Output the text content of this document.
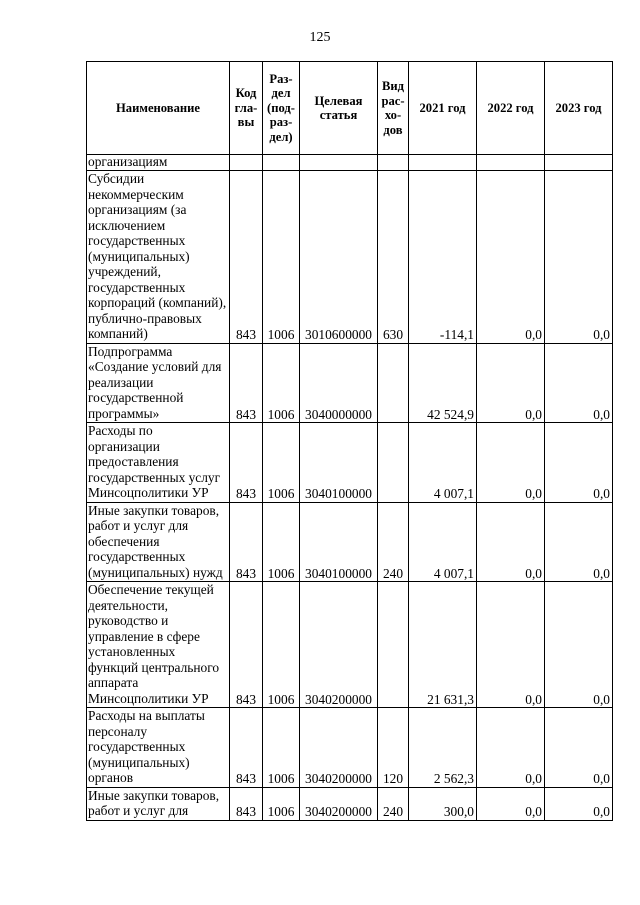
125
Наименование	Код гла- вы	Раз- дел (под- раз- дел)	Целевая статья	Вид рас- хо- дов	2021 год	2022 год	2023 год
организациям							
Субсидии некоммерческим организациям (за исключением государственных (муниципальных) учреждений, государственных корпораций (компаний), публично-правовых компаний)	843	1006	3010600000	630	-114,1	0,0	0,0
Подпрограмма «Создание условий для реализации государственной программы»	843	1006	3040000000		42 524,9	0,0	0,0
Расходы по организации предоставления государственных услуг Минсоцполитики УР	843	1006	3040100000		4 007,1	0,0	0,0
Иные закупки товаров, работ и услуг для обеспечения государственных (муниципальных) нужд	843	1006	3040100000	240	4 007,1	0,0	0,0
Обеспечение текущей деятельности, руководство и управление в сфере установленных функций центрального аппарата Минсоцполитики УР	843	1006	3040200000		21 631,3	0,0	0,0
Расходы на выплаты персоналу государственных (муниципальных) органов	843	1006	3040200000	120	2 562,3	0,0	0,0
Иные закупки товаров, работ и услуг для	843	1006	3040200000	240	300,0	0,0	0,0
